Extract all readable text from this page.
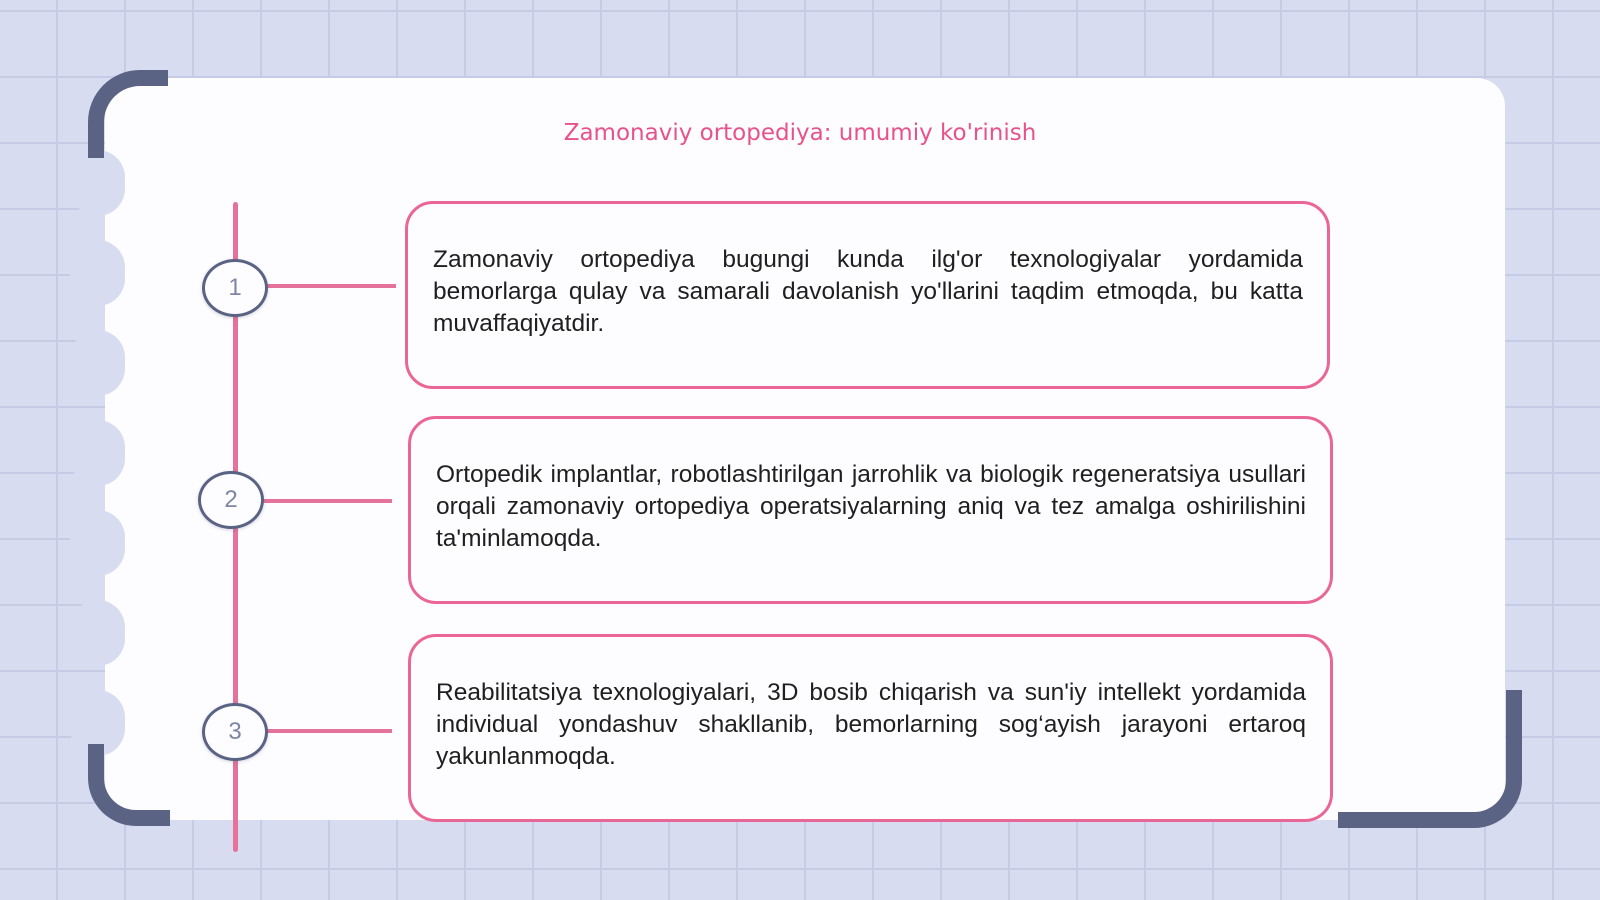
Zamonaviy ortopediya: umumiy ko'rinish
1
2
3

Zamonaviy ortopediya bugungi kunda ilg'or texnologiyalar yordamida bemorlarga qulay va samarali davolanish yo'llarini taqdim etmoqda, bu katta muvaffaqiyatdir.

Ortopedik implantlar, robotlashtirilgan jarrohlik va biologik regeneratsiya usullari orqali zamonaviy ortopediya operatsiyalarning aniq va tez amalga oshirilishini ta'minlamoqda.

Reabilitatsiya texnologiyalari, 3D bosib chiqarish va sun'iy intellekt yordamida individual yondashuv shakllanib, bemorlarning sog‘ayish jarayoni ertaroq yakunlanmoqda.
